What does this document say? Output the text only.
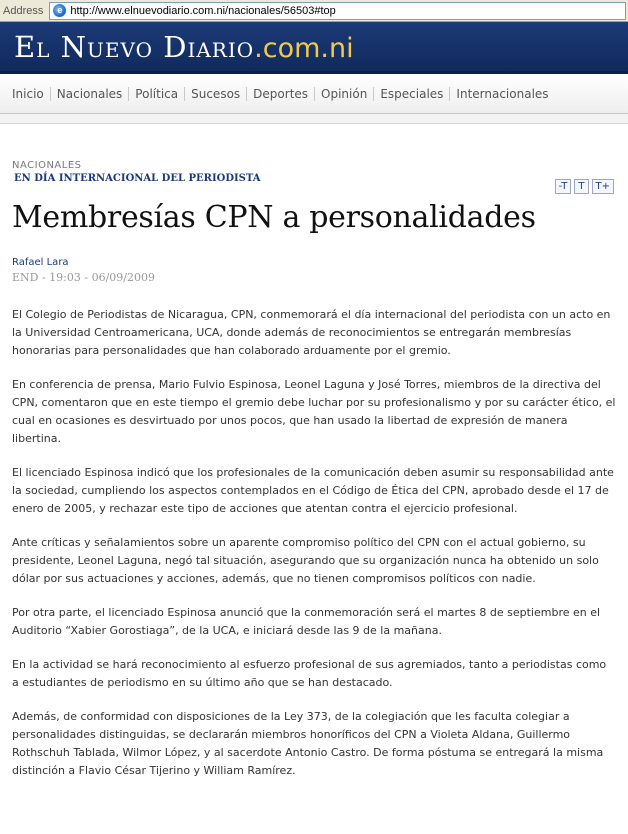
Address	e http://www.elnuevodiario.com.ni/nacionales/56503#top
El Nuevo Diario.com.ni
Inicio	Nacionales	Política	Sucesos	Deportes	Opinión	Especiales	Internacionales
-T	T	T+
NACIONALES
EN DÍA INTERNACIONAL DEL PERIODISTA
Membresías CPN a personalidades
Rafael Lara
END - 19:03 - 06/09/2009

El Colegio de Periodistas de Nicaragua, CPN, conmemorará el día internacional del periodista con un acto en la Universidad Centroamericana, UCA, donde además de reconocimientos se entregarán membresías honorarias para personalidades que han colaborado arduamente por el gremio.

En conferencia de prensa, Mario Fulvio Espinosa, Leonel Laguna y José Torres, miembros de la directiva del CPN, comentaron que en este tiempo el gremio debe luchar por su profesionalismo y por su carácter ético, el cual en ocasiones es desvirtuado por unos pocos, que han usado la libertad de expresión de manera libertina.

El licenciado Espinosa indicó que los profesionales de la comunicación deben asumir su responsabilidad ante la sociedad, cumpliendo los aspectos contemplados en el Código de Ética del CPN, aprobado desde el 17 de enero de 2005, y rechazar este tipo de acciones que atentan contra el ejercicio profesional.

Ante críticas y señalamientos sobre un aparente compromiso político del CPN con el actual gobierno, su presidente, Leonel Laguna, negó tal situación, asegurando que su organización nunca ha obtenido un solo dólar por sus actuaciones y acciones, además, que no tienen compromisos políticos con nadie.

Por otra parte, el licenciado Espinosa anunció que la conmemoración será el martes 8 de septiembre en el Auditorio “Xabier Gorostiaga”, de la UCA, e iniciará desde las 9 de la mañana.

En la actividad se hará reconocimiento al esfuerzo profesional de sus agremiados, tanto a periodistas como a estudiantes de periodismo en su último año que se han destacado.

Además, de conformidad con disposiciones de la Ley 373, de la colegiación que les faculta colegiar a personalidades distinguidas, se declararán miembros honoríficos del CPN a Violeta Aldana, Guillermo Rothschuh Tablada, Wilmor López, y al sacerdote Antonio Castro. De forma póstuma se entregará la misma distinción a Flavio César Tijerino y William Ramírez.
